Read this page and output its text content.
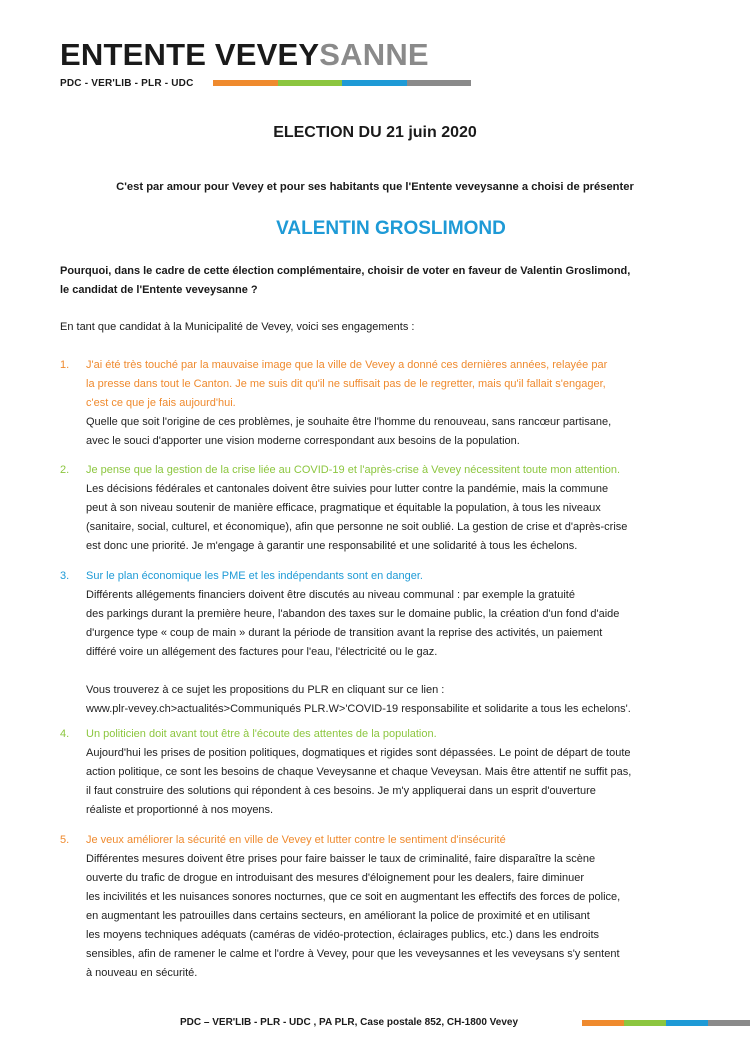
ENTENTE VEVEYSANNE
PDC - VER'LIB - PLR - UDC
ELECTION DU 21 juin 2020
C'est par amour pour Vevey et pour ses habitants que l'Entente veveysanne a choisi de présenter
VALENTIN GROSLIMOND
Pourquoi, dans le cadre de cette élection complémentaire, choisir de voter en faveur de Valentin Groslimond,
le candidat de l'Entente veveysanne ?
En tant que candidat à la Municipalité de Vevey, voici ses engagements :
1. J'ai été très touché par la mauvaise image que la ville de Vevey a donné ces dernières années, relayée par
la presse dans tout le Canton. Je me suis dit qu'il ne suffisait pas de le regretter, mais qu'il fallait s'engager,
c'est ce que je fais aujourd'hui.
Quelle que soit l'origine de ces problèmes, je souhaite être l'homme du renouveau, sans rancœur partisane,
avec le souci d'apporter une vision moderne correspondant aux besoins de la population.
2. Je pense que la gestion de la crise liée au COVID-19 et l'après-crise à Vevey nécessitent toute mon attention.
Les décisions fédérales et cantonales doivent être suivies pour lutter contre la pandémie, mais la commune
peut à son niveau soutenir de manière efficace, pragmatique et équitable la population, à tous les niveaux
(sanitaire, social, culturel, et économique), afin que personne ne soit oublié. La gestion de crise et d'après-crise
est donc une priorité. Je m'engage à garantir une responsabilité et une solidarité à tous les échelons.
3. Sur le plan économique les PME et les indépendants sont en danger.
Différents allégements financiers doivent être discutés au niveau communal : par exemple la gratuité
des parkings durant la première heure, l'abandon des taxes sur le domaine public, la création d'un fond d'aide
d'urgence type « coup de main » durant la période de transition avant la reprise des activités, un paiement
différé voire un allégement des factures pour l'eau, l'électricité ou le gaz.
Vous trouverez à ce sujet les propositions du PLR en cliquant sur ce lien :
www.plr-vevey.ch>actualités>Communiqués PLR.W>'COVID-19 responsabilite et solidarite a tous les echelons'.
4. Un politicien doit avant tout être à l'écoute des attentes de la population.
Aujourd'hui les prises de position politiques, dogmatiques et rigides sont dépassées. Le point de départ de toute
action politique, ce sont les besoins de chaque Veveysanne et chaque Veveysan. Mais être attentif ne suffit pas,
il faut construire des solutions qui répondent à ces besoins. Je m'y appliquerai dans un esprit d'ouverture
réaliste et proportionné à nos moyens.
5. Je veux améliorer la sécurité en ville de Vevey et lutter contre le sentiment d'insécurité
Différentes mesures doivent être prises pour faire baisser le taux de criminalité, faire disparaître la scène
ouverte du trafic de drogue en introduisant des mesures d'éloignement pour les dealers, faire diminuer
les incivilités et les nuisances sonores nocturnes, que ce soit en augmentant les effectifs des forces de police,
en augmentant les patrouilles dans certains secteurs, en améliorant la police de proximité et en utilisant
les moyens techniques adéquats (caméras de vidéo-protection, éclairages publics, etc.) dans les endroits
sensibles, afin de ramener le calme et l'ordre à Vevey, pour que les veveysannes et les veveysans s'y sentent
à nouveau en sécurité.
PDC – VER'LIB - PLR - UDC , PA PLR, Case postale 852, CH-1800 Vevey
